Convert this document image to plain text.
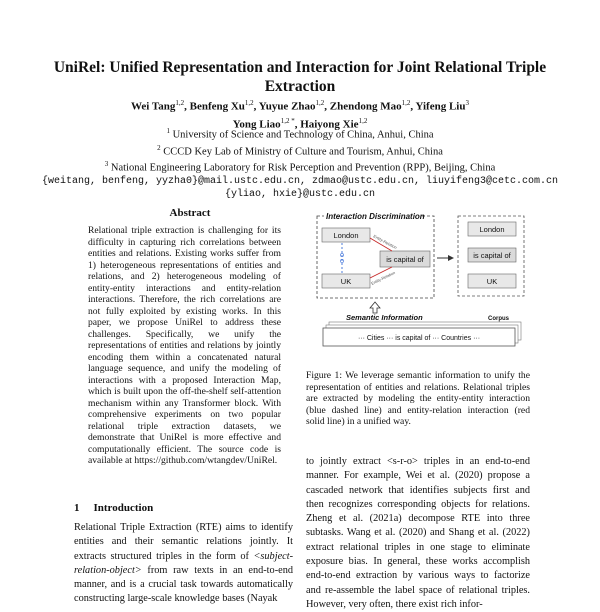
UniRel: Unified Representation and Interaction for Joint Relational Triple
Extraction
Wei Tang$^{1,2}$, Benfeng Xu$^{1,2}$, Yuyue Zhao$^{1,2}$, Zhendong Mao$^{1,2}$, Yifeng Liu$^3$
Yong Liao$^{1,2 *}$, Haiyong Xie$^{1,2}$
$^1$ University of Science and Technology of China, Anhui, China
$^2$ CCCD Key Lab of Ministry of Culture and Tourism, Anhui, China
$^3$ National Engineering Laboratory for Risk Perception and Prevention (RPP), Beijing, China
{weitang, benfeng, yyzha0}@mail.ustc.edu.cn, zdmao@ustc.edu.cn, liuyifeng3@cetc.com.cn
{yliao, hxie}@ustc.edu.cn
Abstract
Relational triple extraction is challenging for its difficulty in capturing rich correlations between entities and relations. Existing works suffer from 1) heterogeneous representations of entities and relations, and 2) heterogeneous modeling of entity-entity interactions and entity-relation interactions. Therefore, the rich correlations are not fully exploited by existing works. In this paper, we propose UniRel to address these challenges. Specifically, we unify the representations of entities and relations by jointly encoding them within a concatenated natural language sequence, and unify the modeling of interactions with a proposed Interaction Map, which is built upon the off-the-shelf self-attention mechanism within any Transformer block. With comprehensive experiments on two popular relational triple extraction datasets, we demonstrate that UniRel is more effective and computationally efficient. The source code is available at https://github.com/wtangdev/UniRel.
1 Introduction
Relational Triple Extraction (RTE) aims to identify entities and their semantic relations jointly. It extracts structured triples in the form of <subject-relation-object> from raw texts in an end-to-end manner, and is a crucial task towards automatically constructing large-scale knowledge bases (Nayak
Interaction Discrimination
London
UK
is capital of
Entity-Relation
Entity-Relation
Semantic Information	Corpus
··· Cities ··· is capital of ··· Countries ···
London
is capital of
UK
Figure 1: We leverage semantic information to unify the representation of entities and relations. Relational triples are extracted by modeling the entity-entity interaction (blue dashed line) and entity-relation interaction (red solid line) in a unified way.
to jointly extract <s-r-o> triples in an end-to-end manner. For example, Wei et al. (2020) propose a cascaded network that identifies subjects first and then recognizes corresponding objects for relations. Zheng et al. (2021a) decompose RTE into three subtasks. Wang et al. (2020) and Shang et al. (2022) extract relational triples in one stage to eliminate exposure bias. In general, these works accomplish end-to-end extraction by various ways to factorize and re-assemble the label space of relational triples. However, very often, there exist rich infor-
